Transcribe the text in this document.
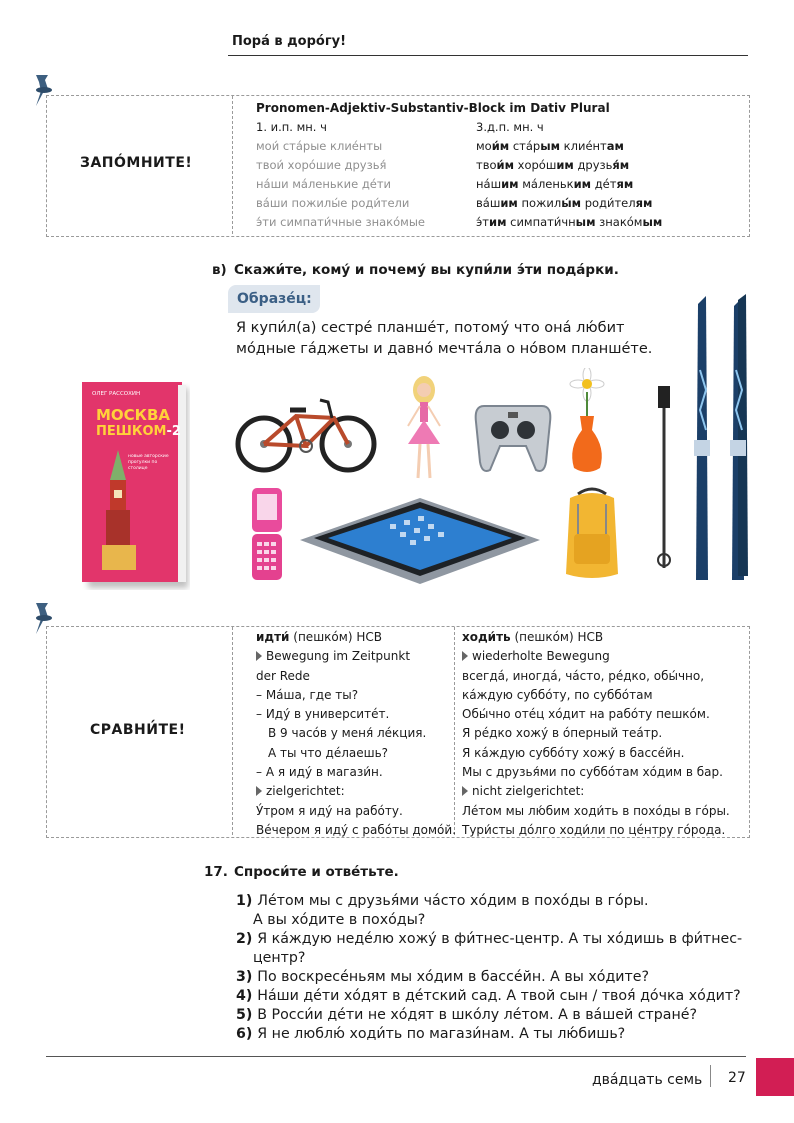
Порá в дорóгу!
ЗАПÓМНИТЕ!
Pronomen-Adjektiv-Substantiv-Block im Dativ Plural
1. и.п. мн. ч	3.д.п. мн. ч
мои́ стáрые клиéнты
твои́ хорóшие друзья́
нáши мáленькие дéти
вáши пожилы́е роди́тели
э́ти симпати́чные знакóмые
мои́м стáрым клиéнтам
твои́м хорóшим друзья́м
нáшим мáленьким дéтям
вáшим пожилы́м роди́телям
э́тим симпати́чным знакóмым
в) Скажи́те, комý и почемý вы купи́ли э́ти подáрки.
Образéц:
Я купи́л(а) сестрé планшéт, потомý что онá лю́бит
мóдные гáджеты и давнó мечтáла о нóвом планшéте.
ОЛЕГ РАССОХИН
МОСКВА
ПЕШКОМ-2
новые авторские прогулки по столице
СРАВНИ́ТЕ!
идти́ (пешкóм) НСВ
Bewegung im Zeitpunkt
der Rede
– Мáша, где ты?
– Идý в университéт.
В 9 часóв у меня́ лéкция.
А ты что дéлаешь?
– А я идý в магази́н.
zielgerichtet:
У́тром я идý на рабóту.
Вéчером я идý с рабóты домóй.
ходи́ть (пешкóм) НСВ
wiederholte Bewegung
всегдá, иногдá, чáсто, рéдко, обы́чно,
кáждую суббóту, по суббóтам
Обы́чно отéц хóдит на рабóту пешкóм.
Я рéдко хожý в óперный теáтр.
Я кáждую суббóту хожý в бассéйн.
Мы с друзья́ми по суббóтам хóдим в бар.
nicht zielgerichtet:
Лéтом мы лю́бим ходи́ть в похóды в гóры.
Тури́сты дóлго ходи́ли по цéнтру гóрода.
17. Спроси́те и отвéтьте.
1) Лéтом мы с друзья́ми чáсто хóдим в похóды в гóры.
А вы хóдите в похóды?
2) Я кáждую недéлю хожý в фи́тнес-центр. А ты хóдишь в фи́тнес-
центр?
3) По воскресéньям мы хóдим в бассéйн. А вы хóдите?
4) Нáши дéти хóдят в дéтский сад. А твой сын / твоя́ дóчка хóдит?
5) В Росси́и дéти не хóдят в шкóлу лéтом. А в вáшей странé?
6) Я не люблю́ ходи́ть по магази́нам. А ты лю́бишь?
двáдцать семь 27
